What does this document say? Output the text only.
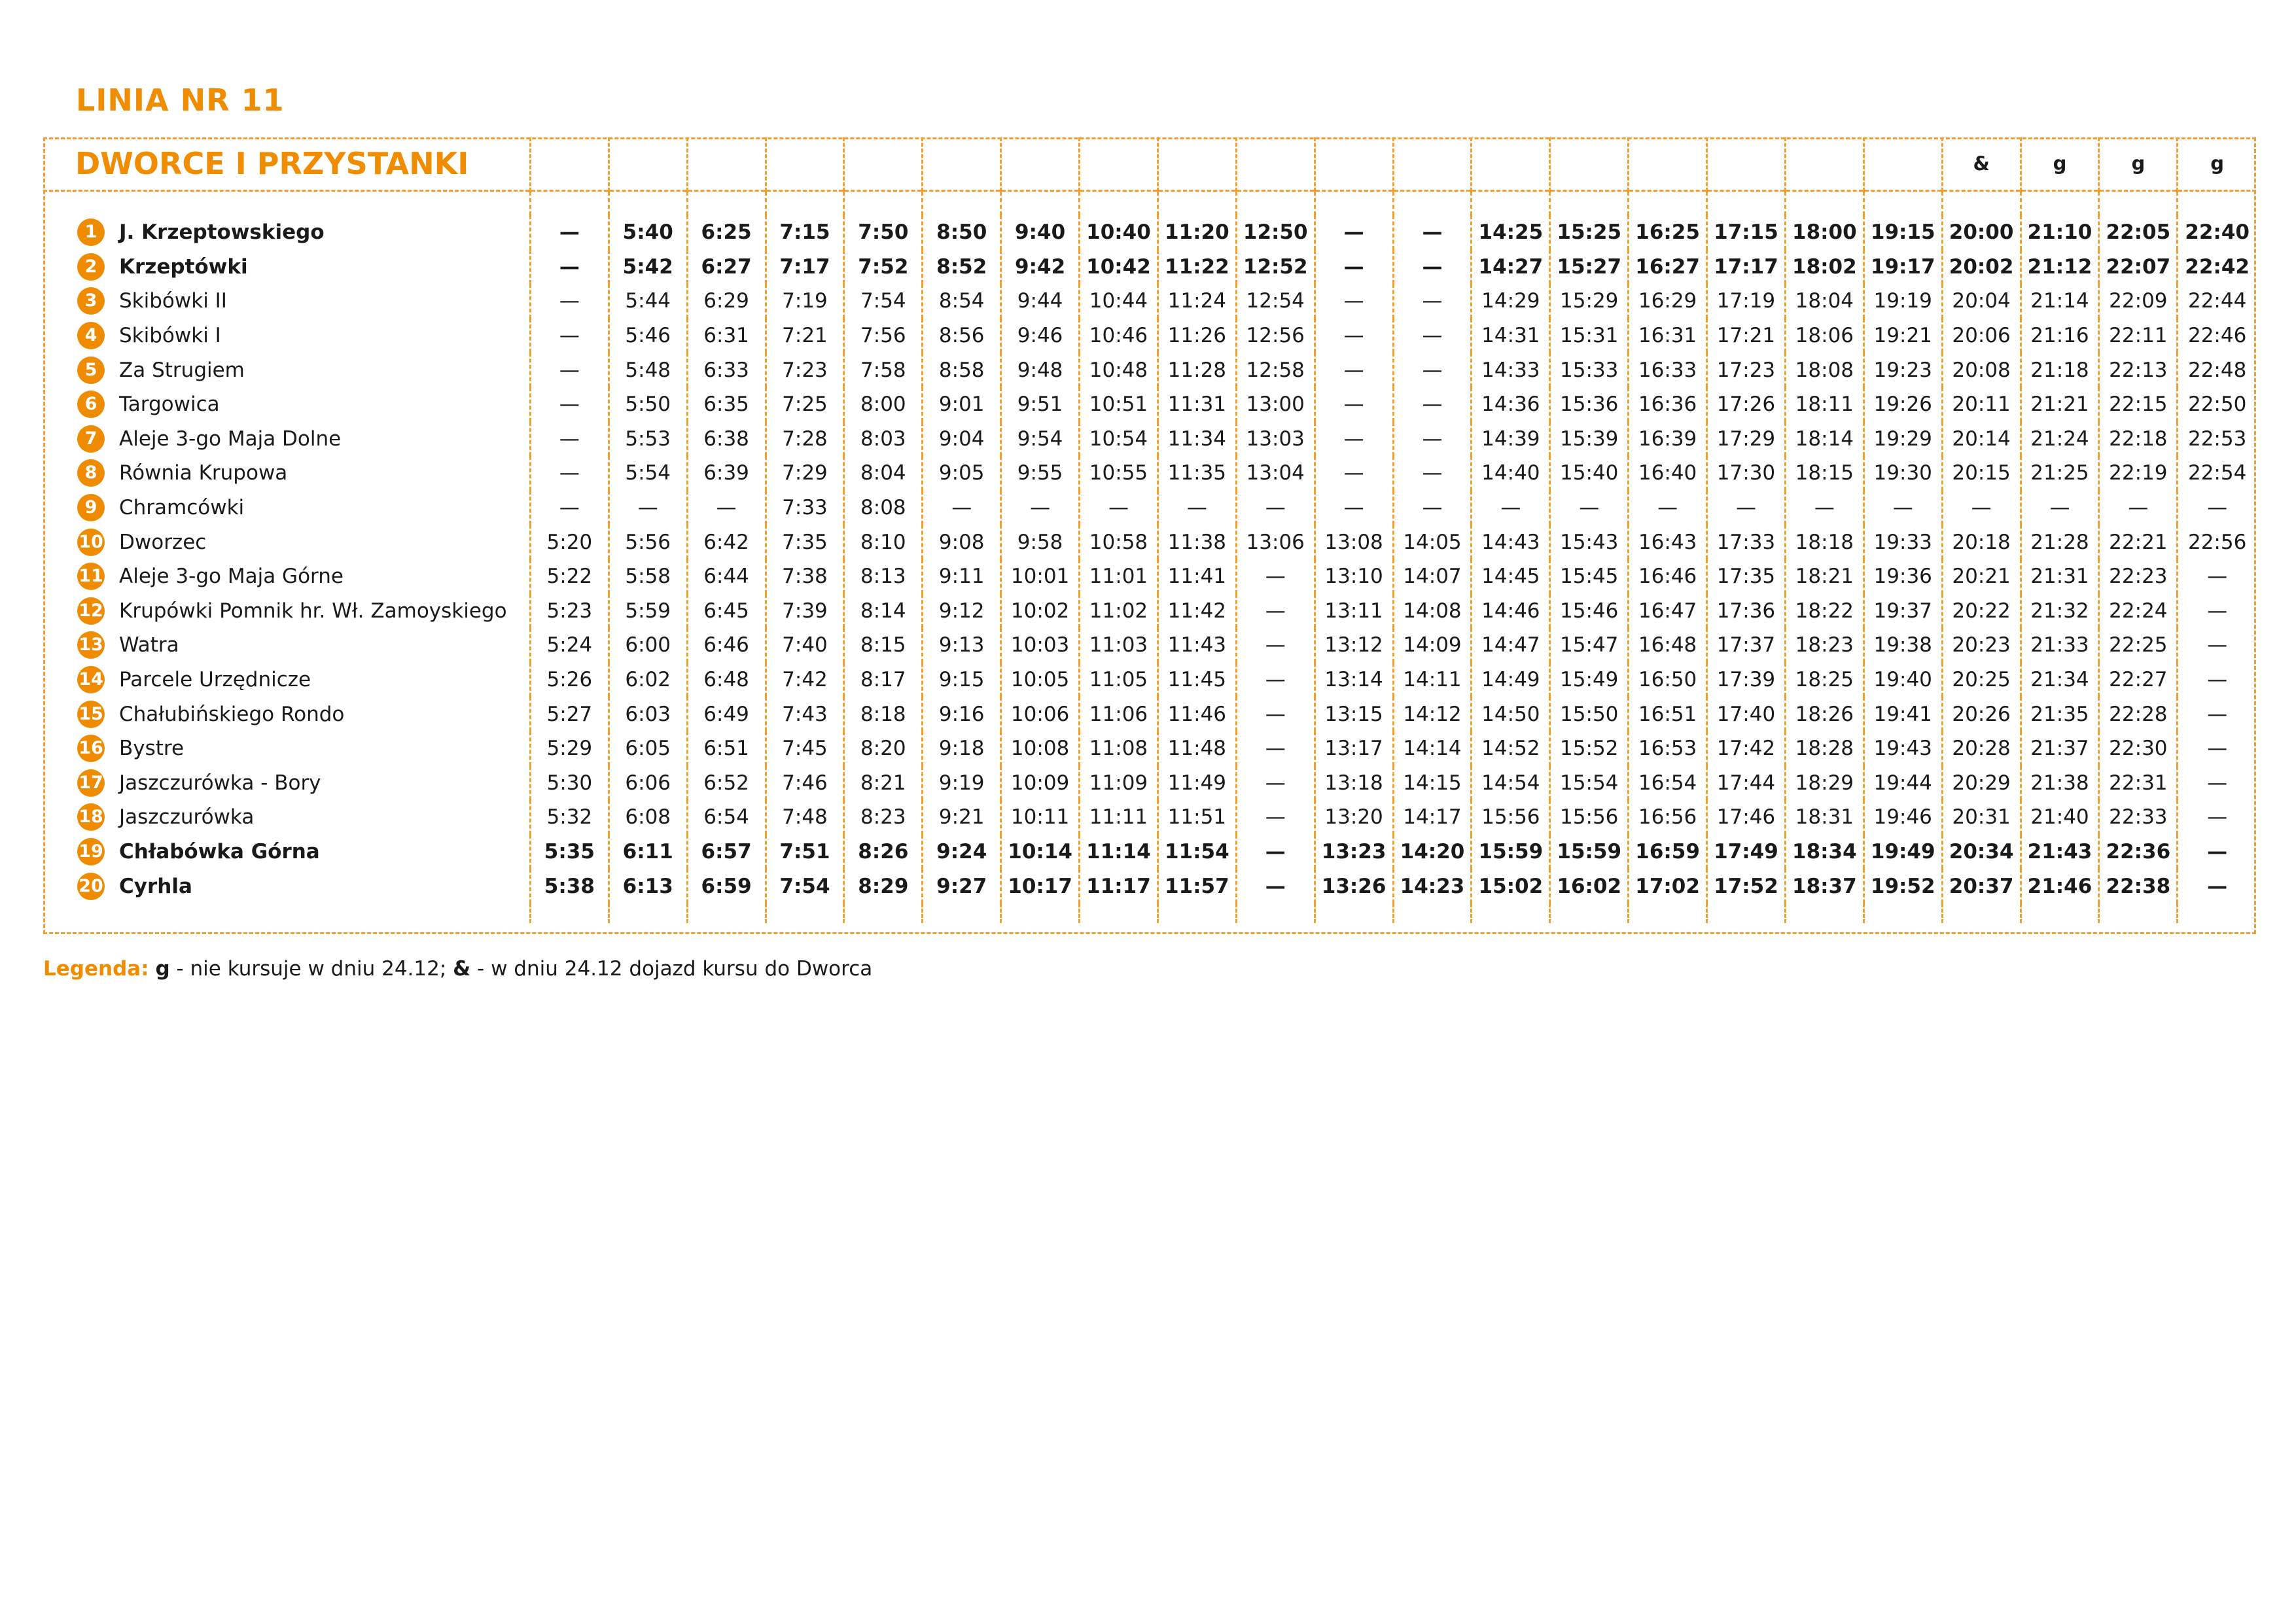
LINIA NR 11
DWORCE I PRZYSTANKI																			&	g	g	g

1 J. Krzeptowskiego	—	5:40	6:25	7:15	7:50	8:50	9:40	10:40	11:20	12:50	—	—	14:25	15:25	16:25	17:15	18:00	19:15	20:00	21:10	22:05	22:40
2 Krzeptówki	—	5:42	6:27	7:17	7:52	8:52	9:42	10:42	11:22	12:52	—	—	14:27	15:27	16:27	17:17	18:02	19:17	20:02	21:12	22:07	22:42
3 Skibówki II	—	5:44	6:29	7:19	7:54	8:54	9:44	10:44	11:24	12:54	—	—	14:29	15:29	16:29	17:19	18:04	19:19	20:04	21:14	22:09	22:44
4 Skibówki I	—	5:46	6:31	7:21	7:56	8:56	9:46	10:46	11:26	12:56	—	—	14:31	15:31	16:31	17:21	18:06	19:21	20:06	21:16	22:11	22:46
5 Za Strugiem	—	5:48	6:33	7:23	7:58	8:58	9:48	10:48	11:28	12:58	—	—	14:33	15:33	16:33	17:23	18:08	19:23	20:08	21:18	22:13	22:48
6 Targowica	—	5:50	6:35	7:25	8:00	9:01	9:51	10:51	11:31	13:00	—	—	14:36	15:36	16:36	17:26	18:11	19:26	20:11	21:21	22:15	22:50
7 Aleje 3-go Maja Dolne	—	5:53	6:38	7:28	8:03	9:04	9:54	10:54	11:34	13:03	—	—	14:39	15:39	16:39	17:29	18:14	19:29	20:14	21:24	22:18	22:53
8 Równia Krupowa	—	5:54	6:39	7:29	8:04	9:05	9:55	10:55	11:35	13:04	—	—	14:40	15:40	16:40	17:30	18:15	19:30	20:15	21:25	22:19	22:54
9 Chramcówki	—	—	—	7:33	8:08	—	—	—	—	—	—	—	—	—	—	—	—	—	—	—	—	—
10 Dworzec	5:20	5:56	6:42	7:35	8:10	9:08	9:58	10:58	11:38	13:06	13:08	14:05	14:43	15:43	16:43	17:33	18:18	19:33	20:18	21:28	22:21	22:56
11 Aleje 3-go Maja Górne	5:22	5:58	6:44	7:38	8:13	9:11	10:01	11:01	11:41	—	13:10	14:07	14:45	15:45	16:46	17:35	18:21	19:36	20:21	21:31	22:23	—
12 Krupówki Pomnik hr. Wł. Zamoyskiego	5:23	5:59	6:45	7:39	8:14	9:12	10:02	11:02	11:42	—	13:11	14:08	14:46	15:46	16:47	17:36	18:22	19:37	20:22	21:32	22:24	—
13 Watra	5:24	6:00	6:46	7:40	8:15	9:13	10:03	11:03	11:43	—	13:12	14:09	14:47	15:47	16:48	17:37	18:23	19:38	20:23	21:33	22:25	—
14 Parcele Urzędnicze	5:26	6:02	6:48	7:42	8:17	9:15	10:05	11:05	11:45	—	13:14	14:11	14:49	15:49	16:50	17:39	18:25	19:40	20:25	21:34	22:27	—
15 Chałubińskiego Rondo	5:27	6:03	6:49	7:43	8:18	9:16	10:06	11:06	11:46	—	13:15	14:12	14:50	15:50	16:51	17:40	18:26	19:41	20:26	21:35	22:28	—
16 Bystre	5:29	6:05	6:51	7:45	8:20	9:18	10:08	11:08	11:48	—	13:17	14:14	14:52	15:52	16:53	17:42	18:28	19:43	20:28	21:37	22:30	—
17 Jaszczurówka - Bory	5:30	6:06	6:52	7:46	8:21	9:19	10:09	11:09	11:49	—	13:18	14:15	14:54	15:54	16:54	17:44	18:29	19:44	20:29	21:38	22:31	—
18 Jaszczurówka	5:32	6:08	6:54	7:48	8:23	9:21	10:11	11:11	11:51	—	13:20	14:17	15:56	15:56	16:56	17:46	18:31	19:46	20:31	21:40	22:33	—
19 Chłabówka Górna	5:35	6:11	6:57	7:51	8:26	9:24	10:14	11:14	11:54	—	13:23	14:20	15:59	15:59	16:59	17:49	18:34	19:49	20:34	21:43	22:36	—
20 Cyrhla	5:38	6:13	6:59	7:54	8:29	9:27	10:17	11:17	11:57	—	13:26	14:23	15:02	16:02	17:02	17:52	18:37	19:52	20:37	21:46	22:38	—

Legenda: g - nie kursuje w dniu 24.12; & - w dniu 24.12 dojazd kursu do Dworca
